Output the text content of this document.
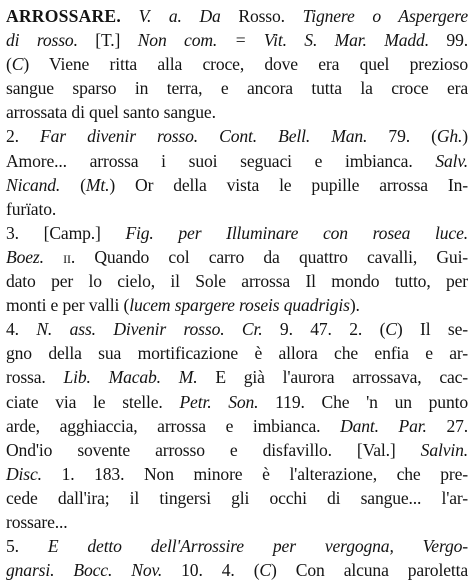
ARROSSARE. V. a. Da Rosso. Tignere o Aspergere
di rosso. [T.] Non com. = Vit. S. Mar. Madd. 99.
(C) Viene ritta alla croce, dove era quel prezioso
sangue sparso in terra, e ancora tutta la croce era
arrossata di quel santo sangue.
2. Far divenir rosso. Cont. Bell. Man. 79. (Gh.)
Amore... arrossa i suoi seguaci e imbianca. Salv.
Nicand. (Mt.) Or della vista le pupille arrossa In-
furïato.
3. [Camp.] Fig. per Illuminare con rosea luce.
Boez. ii. Quando col carro da quattro cavalli, Gui-
dato per lo cielo, il Sole arrossa Il mondo tutto, per
monti e per valli (lucem spargere roseis quadrigis).
4. N. ass. Divenir rosso. Cr. 9. 47. 2. (C) Il se-
gno della sua mortificazione è allora che enfia e ar-
rossa. Lib. Macab. M. E già l'aurora arrossava, cac-
ciate via le stelle. Petr. Son. 119. Che 'n un punto
arde, agghiaccia, arrossa e imbianca. Dant. Par. 27.
Ond'io sovente arrosso e disfavillo. [Val.] Salvin.
Disc. 1. 183. Non minore è l'alterazione, che pre-
cede dall'ira; il tingersi gli occhi di sangue... l'ar-
rossare...
5. E detto dell'Arrossire per vergogna, Vergo-
gnarsi. Bocc. Nov. 10. 4. (C) Con alcuna paroletta
